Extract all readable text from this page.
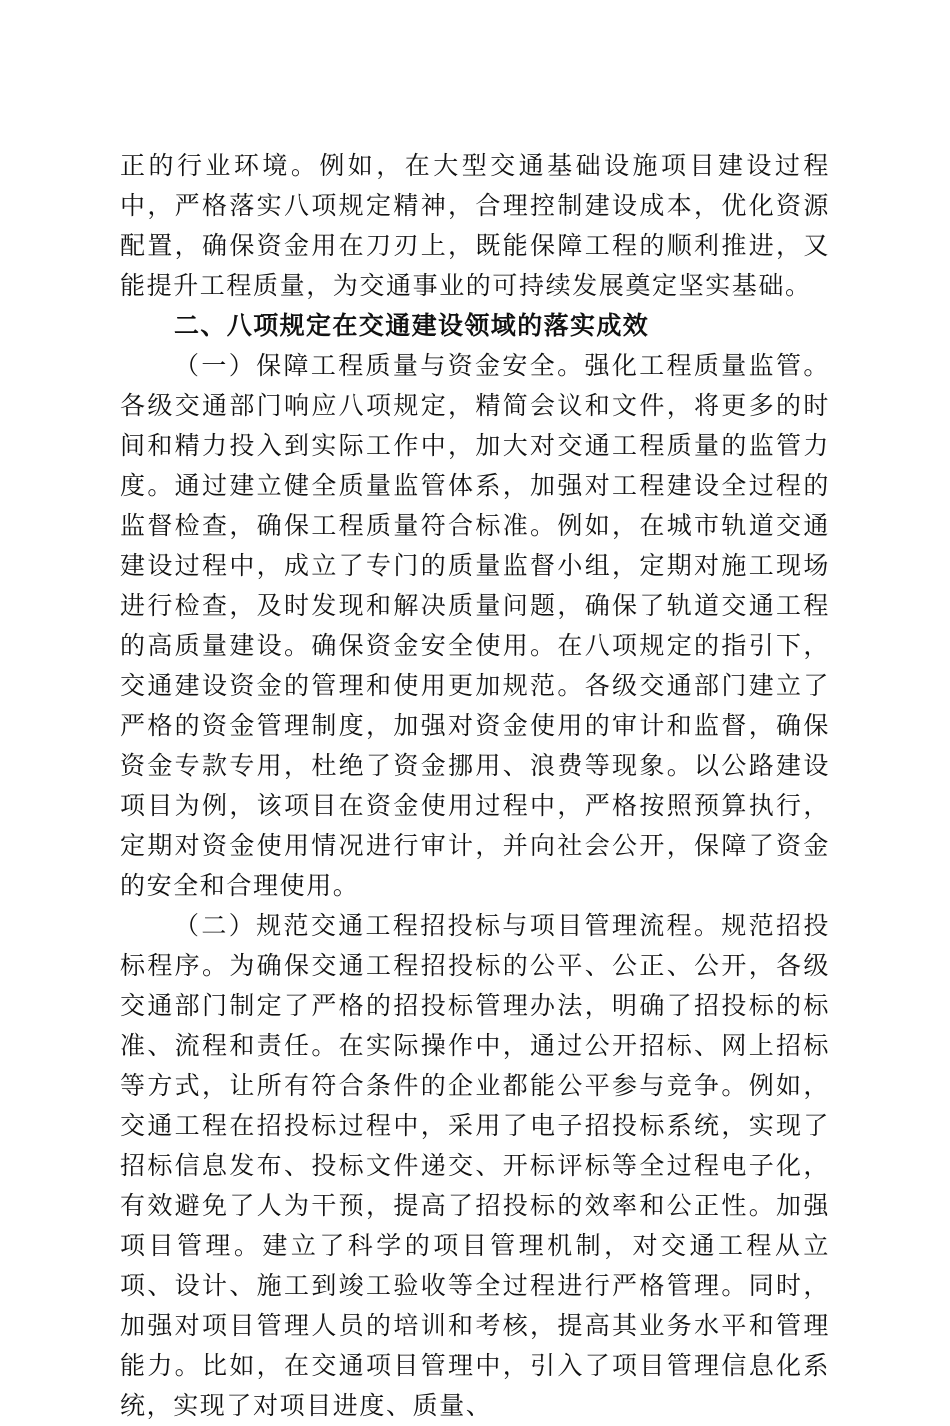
正的行业环境。例如，在大型交通基础设施项目建设过程中，严格落实八项规定精神，合理控制建设成本，优化资源配置，确保资金用在刀刃上，既能保障工程的顺利推进，又能提升工程质量，为交通事业的可持续发展奠定坚实基础。

二、八项规定在交通建设领域的落实成效

（一）保障工程质量与资金安全。强化工程质量监管。各级交通部门响应八项规定，精简会议和文件，将更多的时间和精力投入到实际工作中，加大对交通工程质量的监管力度。通过建立健全质量监管体系，加强对工程建设全过程的监督检查，确保工程质量符合标准。例如，在城市轨道交通建设过程中，成立了专门的质量监督小组，定期对施工现场进行检查，及时发现和解决质量问题，确保了轨道交通工程的高质量建设。确保资金安全使用。在八项规定的指引下，交通建设资金的管理和使用更加规范。各级交通部门建立了严格的资金管理制度，加强对资金使用的审计和监督，确保资金专款专用，杜绝了资金挪用、浪费等现象。以公路建设项目为例，该项目在资金使用过程中，严格按照预算执行，定期对资金使用情况进行审计，并向社会公开，保障了资金的安全和合理使用。

（二）规范交通工程招投标与项目管理流程。规范招投标程序。为确保交通工程招投标的公平、公正、公开，各级交通部门制定了严格的招投标管理办法，明确了招投标的标准、流程和责任。在实际操作中，通过公开招标、网上招标等方式，让所有符合条件的企业都能公平参与竞争。例如，交通工程在招投标过程中，采用了电子招投标系统，实现了招标信息发布、投标文件递交、开标评标等全过程电子化，有效避免了人为干预，提高了招投标的效率和公正性。加强项目管理。建立了科学的项目管理机制，对交通工程从立项、设计、施工到竣工验收等全过程进行严格管理。同时，加强对项目管理人员的培训和考核，提高其业务水平和管理能力。比如，在交通项目管理中，引入了项目管理信息化系统，实现了对项目进度、质量、
